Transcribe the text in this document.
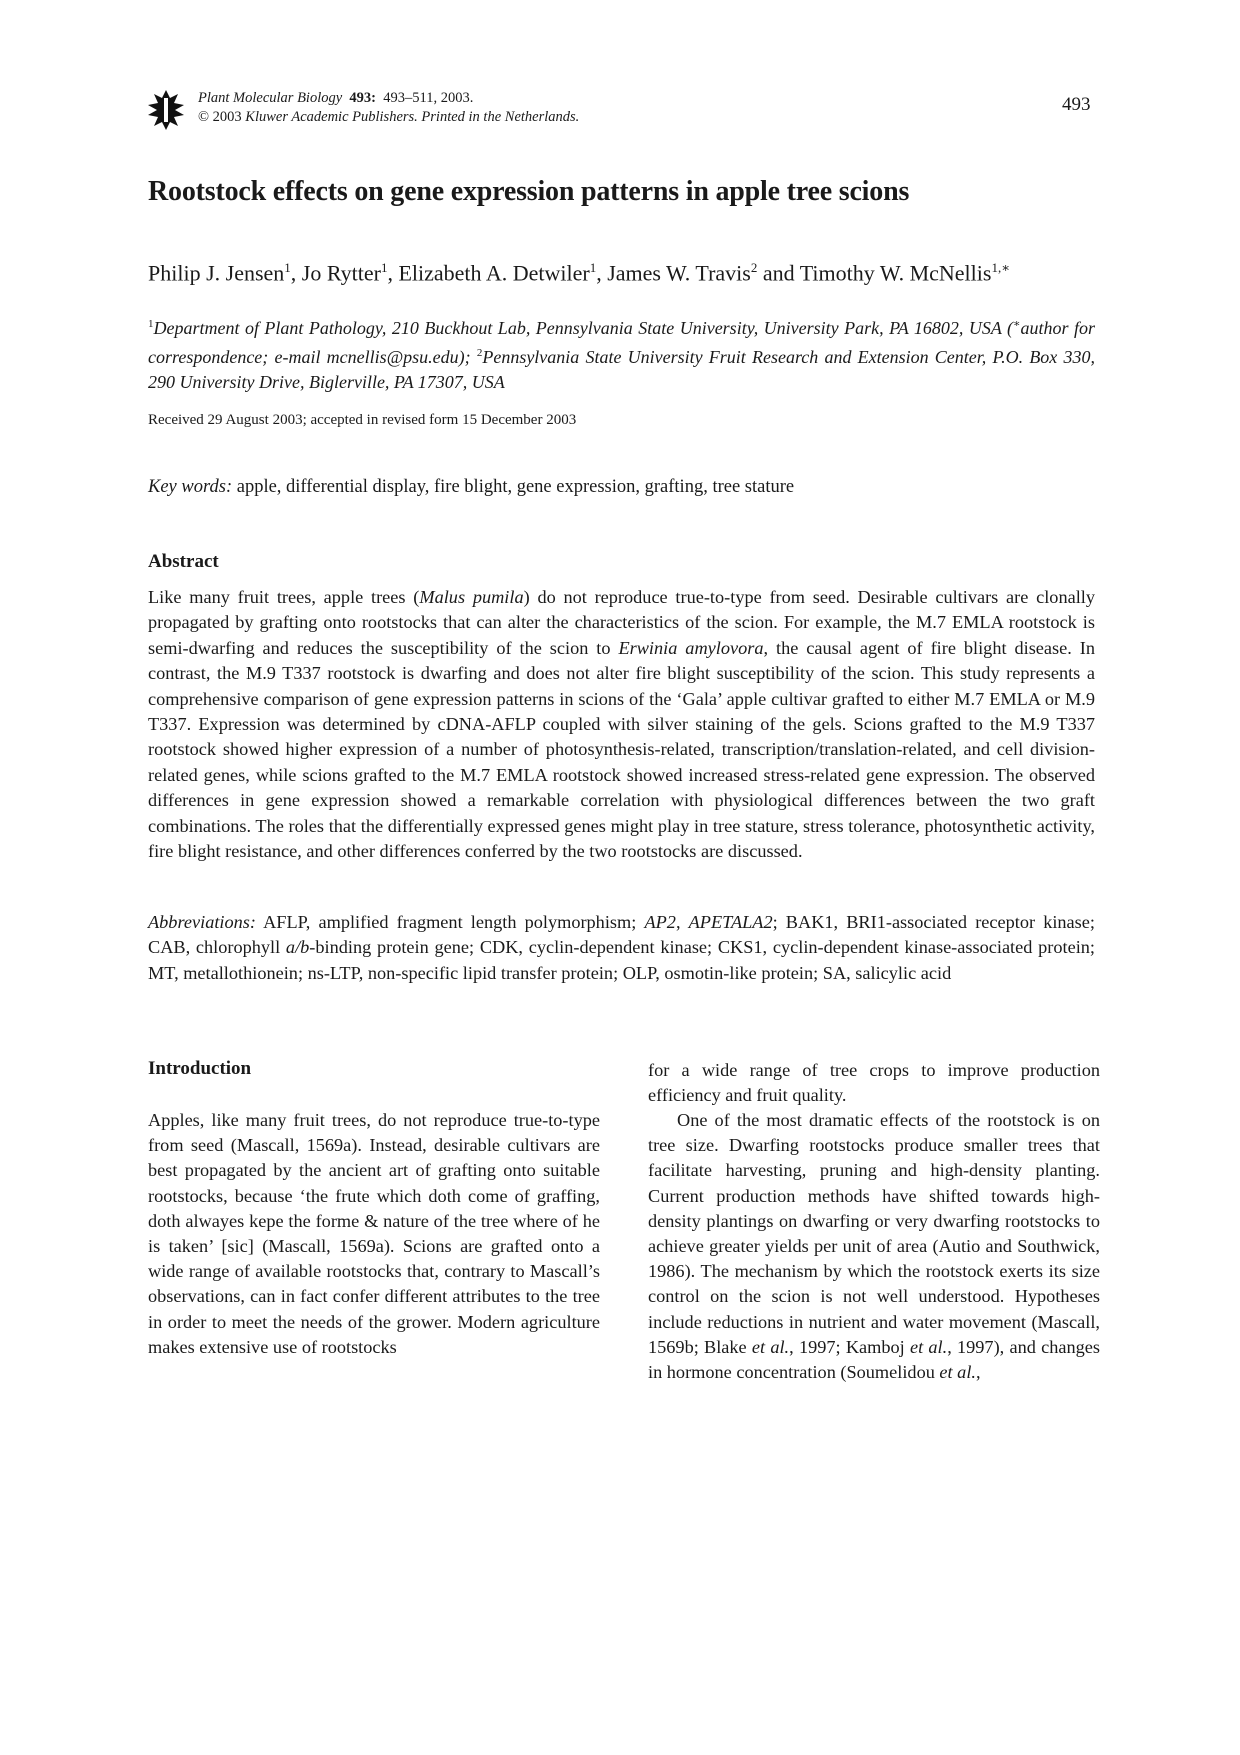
Plant Molecular Biology 493: 493–511, 2003.
© 2003 Kluwer Academic Publishers. Printed in the Netherlands.
493
Rootstock effects on gene expression patterns in apple tree scions
Philip J. Jensen$^1$, Jo Rytter$^1$, Elizabeth A. Detwiler$^1$, James W. Travis$^2$ and Timothy W. McNellis$^{1,∗}$
$^1$Department of Plant Pathology, 210 Buckhout Lab, Pennsylvania State University, University Park, PA 16802, USA (∗author for correspondence; e-mail mcnellis@psu.edu); $^2$Pennsylvania State University Fruit Research and Extension Center, P.O. Box 330, 290 University Drive, Biglerville, PA 17307, USA
Received 29 August 2003; accepted in revised form 15 December 2003
Key words: apple, differential display, fire blight, gene expression, grafting, tree stature
Abstract

Like many fruit trees, apple trees (Malus pumila) do not reproduce true-to-type from seed. Desirable cultivars are clonally propagated by grafting onto rootstocks that can alter the characteristics of the scion. For example, the M.7 EMLA rootstock is semi-dwarfing and reduces the susceptibility of the scion to Erwinia amylovora, the causal agent of fire blight disease. In contrast, the M.9 T337 rootstock is dwarfing and does not alter fire blight susceptibility of the scion. This study represents a comprehensive comparison of gene expression patterns in scions of the ‘Gala’ apple cultivar grafted to either M.7 EMLA or M.9 T337. Expression was determined by cDNA-AFLP coupled with silver staining of the gels. Scions grafted to the M.9 T337 rootstock showed higher expression of a number of photosynthesis-related, transcription/translation-related, and cell division-related genes, while scions grafted to the M.7 EMLA rootstock showed increased stress-related gene expression. The observed differences in gene expression showed a remarkable correlation with physiological differences between the two graft combinations. The roles that the differentially expressed genes might play in tree stature, stress tolerance, photosynthetic activity, fire blight resistance, and other differences conferred by the two rootstocks are discussed.

Abbreviations: AFLP, amplified fragment length polymorphism; AP2, APETALA2; BAK1, BRI1-associated receptor kinase; CAB, chlorophyll a/b-binding protein gene; CDK, cyclin-dependent kinase; CKS1, cyclin-dependent kinase-associated protein; MT, metallothionein; ns-LTP, non-specific lipid transfer protein; OLP, osmotin-like protein; SA, salicylic acid

Introduction

Apples, like many fruit trees, do not reproduce true-to-type from seed (Mascall, 1569a). Instead, desirable cultivars are best propagated by the ancient art of grafting onto suitable rootstocks, because ‘the frute which doth come of graffing, doth alwayes kepe the forme & nature of the tree where of he is taken’ [sic] (Mascall, 1569a). Scions are grafted onto a wide range of available rootstocks that, contrary to Mascall’s observations, can in fact confer different attributes to the tree in order to meet the needs of the grower. Modern agriculture makes extensive use of rootstocks

for a wide range of tree crops to improve production efficiency and fruit quality.

One of the most dramatic effects of the rootstock is on tree size. Dwarfing rootstocks produce smaller trees that facilitate harvesting, pruning and high-density planting. Current production methods have shifted towards high-density plantings on dwarfing or very dwarfing rootstocks to achieve greater yields per unit of area (Autio and Southwick, 1986). The mechanism by which the rootstock exerts its size control on the scion is not well understood. Hypotheses include reductions in nutrient and water movement (Mascall, 1569b; Blake et al., 1997; Kamboj et al., 1997), and changes in hormone concentration (Soumelidou et al.,
